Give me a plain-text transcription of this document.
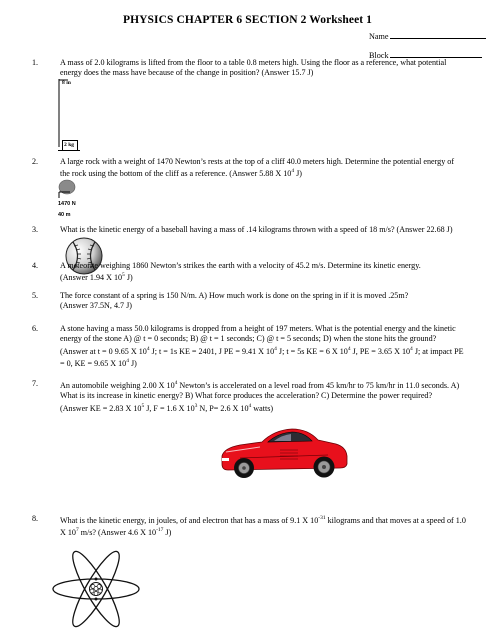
PHYSICS CHAPTER 6 SECTION 2 Worksheet 1
Name
Block
1.	A mass of 2.0 kilograms is lifted from the floor to a table 0.8 meters high. Using the floor as a reference, what potential
energy does the mass have because of the change in position? (Answer 15.7 J)
8 m
2 kg
2.	A large rock with a weight of 1470 Newton’s rests at the top of a cliff 40.0 meters high. Determine the potential energy of
the rock using the bottom of the cliff as a reference. (Answer 5.88 X $10^4$ J)
1470 N
40 m
3.	What is the kinetic energy of a baseball having a mass of .14 kilograms thrown with a speed of 18 m/s? (Answer 22.68 J)
4.	A meteorite weighing 1860 Newton’s strikes the earth with a velocity of 45.2 m/s. Determine its kinetic energy.
(Answer 1.94 X $10^5$ J)
5.	The force constant of a spring is 150 N/m. A) How much work is done on the spring in if it is moved .25m?
(Answer 37.5N, 4.7 J)
6.	A stone having a mass 50.0 kilograms is dropped from a height of 197 meters. What is the potential energy and the kinetic
energy of the stone A) @ t = 0 seconds; B) @ t = 1 seconds; C) @ t = 5 seconds; D) when the stone hits the ground?
(Answer at t = 0 9.65 X $10^4$ J; t = 1s KE = 2401, J PE = 9.41 X $10^4$ J; t = 5s KE = 6 X $10^4$ J, PE = 3.65 X $10^4$ J; at impact PE
= 0, KE = 9.65 X $10^4$ J)
7.	An automobile weighing 2.00 X $10^4$ Newton’s is accelerated on a level road from 45 km/hr to 75 km/hr in 11.0 seconds. A)
What is its increase in kinetic energy? B) What force produces the acceleration? C) Determine the power required?
(Answer KE = 2.83 X $10^5$ J, F = 1.6 X $10^3$ N, P= 2.6 X $10^4$ watts)
8.	What is the kinetic energy, in joules, of and electron that has a mass of 9.1 X $10^{-31}$ kilograms and that moves at a speed of 1.0
X $10^7$ m/s? (Answer 4.6 X $10^{-17}$ J)
